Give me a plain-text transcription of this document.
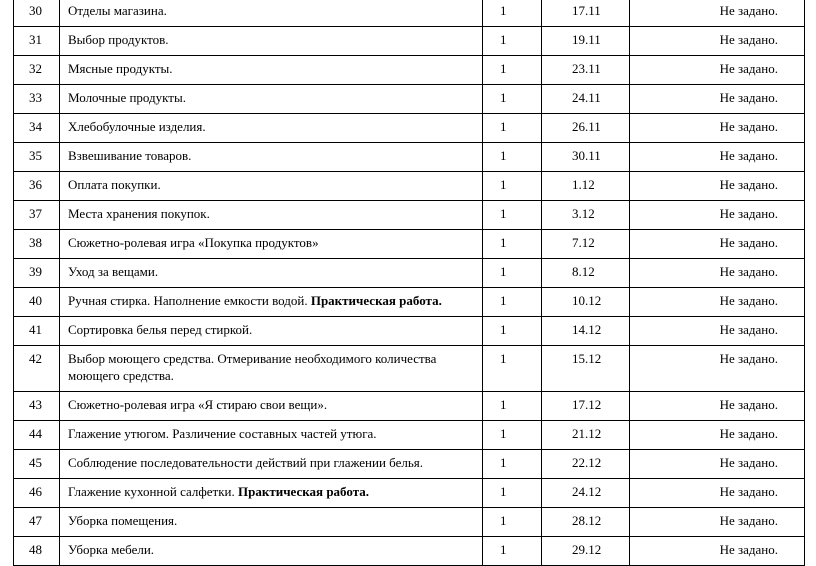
30	Отделы магазина.	1	17.11	Не задано.
31	Выбор продуктов.	1	19.11	Не задано.
32	Мясные продукты.	1	23.11	Не задано.
33	Молочные продукты.	1	24.11	Не задано.
34	Хлебобулочные изделия.	1	26.11	Не задано.
35	Взвешивание товаров.	1	30.11	Не задано.
36	Оплата покупки.	1	1.12	Не задано.
37	Места хранения покупок.	1	3.12	Не задано.
38	Сюжетно-ролевая игра «Покупка продуктов»	1	7.12	Не задано.
39	Уход за вещами.	1	8.12	Не задано.
40	Ручная стирка. Наполнение емкости водой. Практическая работа.	1	10.12	Не задано.
41	Сортировка белья перед стиркой.	1	14.12	Не задано.
42	Выбор моющего средства. Отмеривание необходимого количества моющего средства.	1	15.12	Не задано.
43	Сюжетно-ролевая игра «Я стираю свои вещи».	1	17.12	Не задано.
44	Глажение утюгом. Различение составных частей утюга.	1	21.12	Не задано.
45	Соблюдение последовательности действий при глажении белья.	1	22.12	Не задано.
46	Глажение кухонной салфетки. Практическая работа.	1	24.12	Не задано.
47	Уборка помещения.	1	28.12	Не задано.
48	Уборка мебели.	1	29.12	Не задано.
